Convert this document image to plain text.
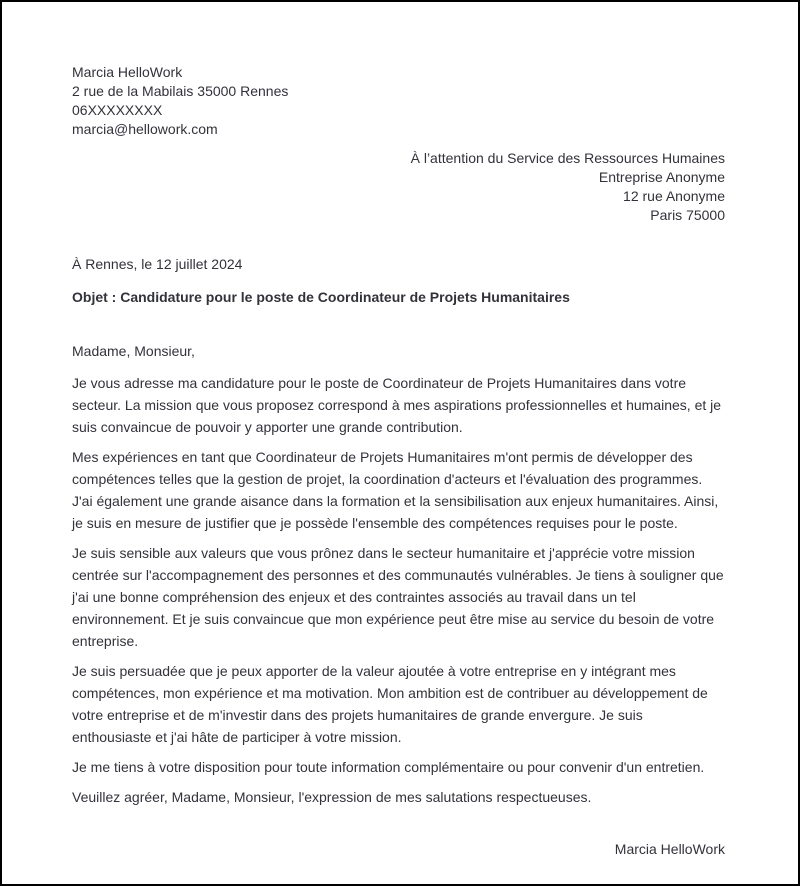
Marcia HelloWork

2 rue de la Mabilais 35000 Rennes

06XXXXXXXX

marcia@hellowork.com

À l’attention du Service des Ressources Humaines

Entreprise Anonyme

12 rue Anonyme

Paris 75000

À Rennes, le 12 juillet 2024

Objet : Candidature pour le poste de Coordinateur de Projets Humanitaires

Madame, Monsieur,

Je vous adresse ma candidature pour le poste de Coordinateur de Projets Humanitaires dans votre secteur. La mission que vous proposez correspond à mes aspirations professionnelles et humaines, et je suis convaincue de pouvoir y apporter une grande contribution.

Mes expériences en tant que Coordinateur de Projets Humanitaires m'ont permis de développer des compétences telles que la gestion de projet, la coordination d'acteurs et l'évaluation des programmes. J'ai également une grande aisance dans la formation et la sensibilisation aux enjeux humanitaires. Ainsi, je suis en mesure de justifier que je possède l'ensemble des compétences requises pour le poste.

Je suis sensible aux valeurs que vous prônez dans le secteur humanitaire et j'apprécie votre mission centrée sur l'accompagnement des personnes et des communautés vulnérables. Je tiens à souligner que j'ai une bonne compréhension des enjeux et des contraintes associés au travail dans un tel environnement. Et je suis convaincue que mon expérience peut être mise au service du besoin de votre entreprise.

Je suis persuadée que je peux apporter de la valeur ajoutée à votre entreprise en y intégrant mes compétences, mon expérience et ma motivation. Mon ambition est de contribuer au développement de votre entreprise et de m'investir dans des projets humanitaires de grande envergure. Je suis enthousiaste et j'ai hâte de participer à votre mission.

Je me tiens à votre disposition pour toute information complémentaire ou pour convenir d'un entretien.

Veuillez agréer, Madame, Monsieur, l'expression de mes salutations respectueuses.

Marcia HelloWork
